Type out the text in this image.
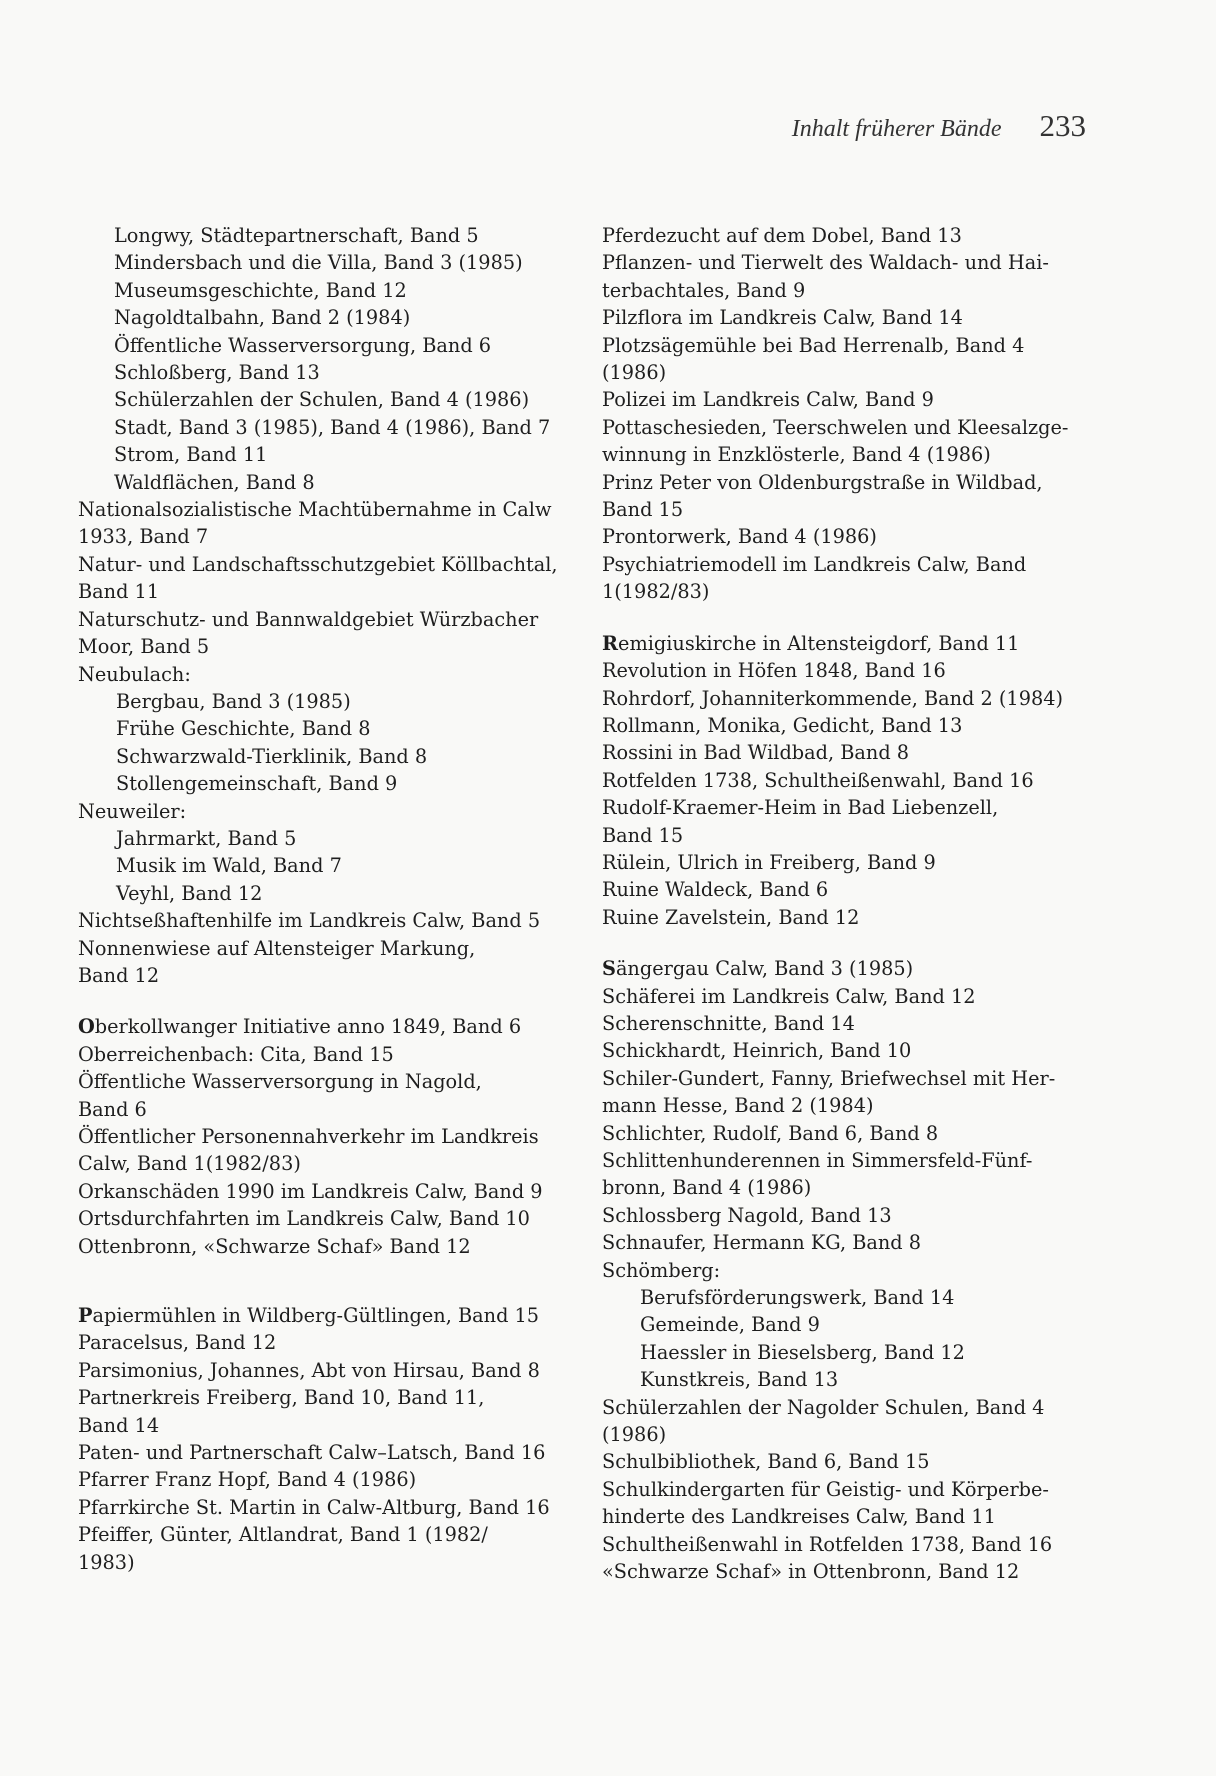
Inhalt früherer Bände 233
Longwy, Städtepartnerschaft, Band 5
Mindersbach und die Villa, Band 3 (1985)
Museumsgeschichte, Band 12
Nagoldtalbahn, Band 2 (1984)
Öffentliche Wasserversorgung, Band 6
Schloßberg, Band 13
Schülerzahlen der Schulen, Band 4 (1986)
Stadt, Band 3 (1985), Band 4 (1986), Band 7
Strom, Band 11
Waldflächen, Band 8
Nationalsozialistische Machtübernahme in Calw
1933, Band 7
Natur- und Landschaftsschutzgebiet Köllbachtal,
Band 11
Naturschutz- und Bannwaldgebiet Würzbacher
Moor, Band 5
Neubulach:
Bergbau, Band 3 (1985)
Frühe Geschichte, Band 8
Schwarzwald-Tierklinik, Band 8
Stollengemeinschaft, Band 9
Neuweiler:
Jahrmarkt, Band 5
Musik im Wald, Band 7
Veyhl, Band 12
Nichtseßhaftenhilfe im Landkreis Calw, Band 5
Nonnenwiese auf Altensteiger Markung,
Band 12
Oberkollwanger Initiative anno 1849, Band 6
Oberreichenbach: Cita, Band 15
Öffentliche Wasserversorgung in Nagold,
Band 6
Öffentlicher Personennahverkehr im Landkreis
Calw, Band 1(1982/83)
Orkanschäden 1990 im Landkreis Calw, Band 9
Ortsdurchfahrten im Landkreis Calw, Band 10
Ottenbronn, «Schwarze Schaf» Band 12
Papiermühlen in Wildberg-Gültlingen, Band 15
Paracelsus, Band 12
Parsimonius, Johannes, Abt von Hirsau, Band 8
Partnerkreis Freiberg, Band 10, Band 11,
Band 14
Paten- und Partnerschaft Calw–Latsch, Band 16
Pfarrer Franz Hopf, Band 4 (1986)
Pfarrkirche St. Martin in Calw-Altburg, Band 16
Pfeiffer, Günter, Altlandrat, Band 1 (1982/
1983)
Pferdezucht auf dem Dobel, Band 13
Pflanzen- und Tierwelt des Waldach- und Hai-
terbachtales, Band 9
Pilzflora im Landkreis Calw, Band 14
Plotzsägemühle bei Bad Herrenalb, Band 4
(1986)
Polizei im Landkreis Calw, Band 9
Pottaschesieden, Teerschwelen und Kleesalzge-
winnung in Enzklösterle, Band 4 (1986)
Prinz Peter von Oldenburgstraße in Wildbad,
Band 15
Prontorwerk, Band 4 (1986)
Psychiatriemodell im Landkreis Calw, Band
1(1982/83)
Remigiuskirche in Altensteigdorf, Band 11
Revolution in Höfen 1848, Band 16
Rohrdorf, Johanniterkommende, Band 2 (1984)
Rollmann, Monika, Gedicht, Band 13
Rossini in Bad Wildbad, Band 8
Rotfelden 1738, Schultheißenwahl, Band 16
Rudolf-Kraemer-Heim in Bad Liebenzell,
Band 15
Rülein, Ulrich in Freiberg, Band 9
Ruine Waldeck, Band 6
Ruine Zavelstein, Band 12
Sängergau Calw, Band 3 (1985)
Schäferei im Landkreis Calw, Band 12
Scherenschnitte, Band 14
Schickhardt, Heinrich, Band 10
Schiler-Gundert, Fanny, Briefwechsel mit Her-
mann Hesse, Band 2 (1984)
Schlichter, Rudolf, Band 6, Band 8
Schlittenhunderennen in Simmersfeld-Fünf-
bronn, Band 4 (1986)
Schlossberg Nagold, Band 13
Schnaufer, Hermann KG, Band 8
Schömberg:
Berufsförderungswerk, Band 14
Gemeinde, Band 9
Haessler in Bieselsberg, Band 12
Kunstkreis, Band 13
Schülerzahlen der Nagolder Schulen, Band 4
(1986)
Schulbibliothek, Band 6, Band 15
Schulkindergarten für Geistig- und Körperbe-
hinderte des Landkreises Calw, Band 11
Schultheißenwahl in Rotfelden 1738, Band 16
«Schwarze Schaf» in Ottenbronn, Band 12
